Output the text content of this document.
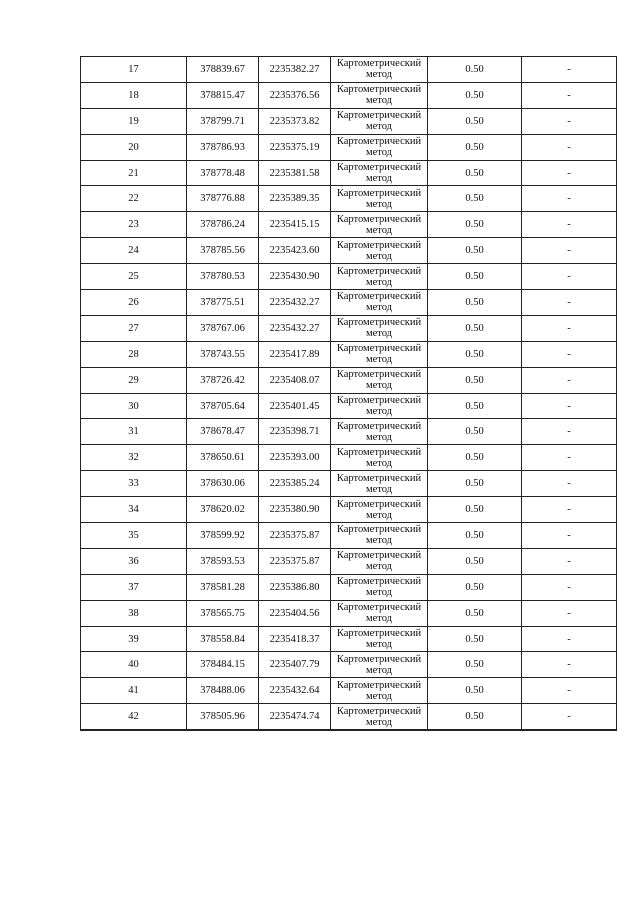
17	378839.67	2235382.27	Картометрический
метод	0.50	-
18	378815.47	2235376.56	Картометрический
метод	0.50	-
19	378799.71	2235373.82	Картометрический
метод	0.50	-
20	378786.93	2235375.19	Картометрический
метод	0.50	-
21	378778.48	2235381.58	Картометрический
метод	0.50	-
22	378776.88	2235389.35	Картометрический
метод	0.50	-
23	378786.24	2235415.15	Картометрический
метод	0.50	-
24	378785.56	2235423.60	Картометрический
метод	0.50	-
25	378780.53	2235430.90	Картометрический
метод	0.50	-
26	378775.51	2235432.27	Картометрический
метод	0.50	-
27	378767.06	2235432.27	Картометрический
метод	0.50	-
28	378743.55	2235417.89	Картометрический
метод	0.50	-
29	378726.42	2235408.07	Картометрический
метод	0.50	-
30	378705.64	2235401.45	Картометрический
метод	0.50	-
31	378678.47	2235398.71	Картометрический
метод	0.50	-
32	378650.61	2235393.00	Картометрический
метод	0.50	-
33	378630.06	2235385.24	Картометрический
метод	0.50	-
34	378620.02	2235380.90	Картометрический
метод	0.50	-
35	378599.92	2235375.87	Картометрический
метод	0.50	-
36	378593.53	2235375.87	Картометрический
метод	0.50	-
37	378581.28	2235386.80	Картометрический
метод	0.50	-
38	378565.75	2235404.56	Картометрический
метод	0.50	-
39	378558.84	2235418.37	Картометрический
метод	0.50	-
40	378484.15	2235407.79	Картометрический
метод	0.50	-
41	378488.06	2235432.64	Картометрический
метод	0.50	-
42	378505.96	2235474.74	Картометрический
метод	0.50	-
